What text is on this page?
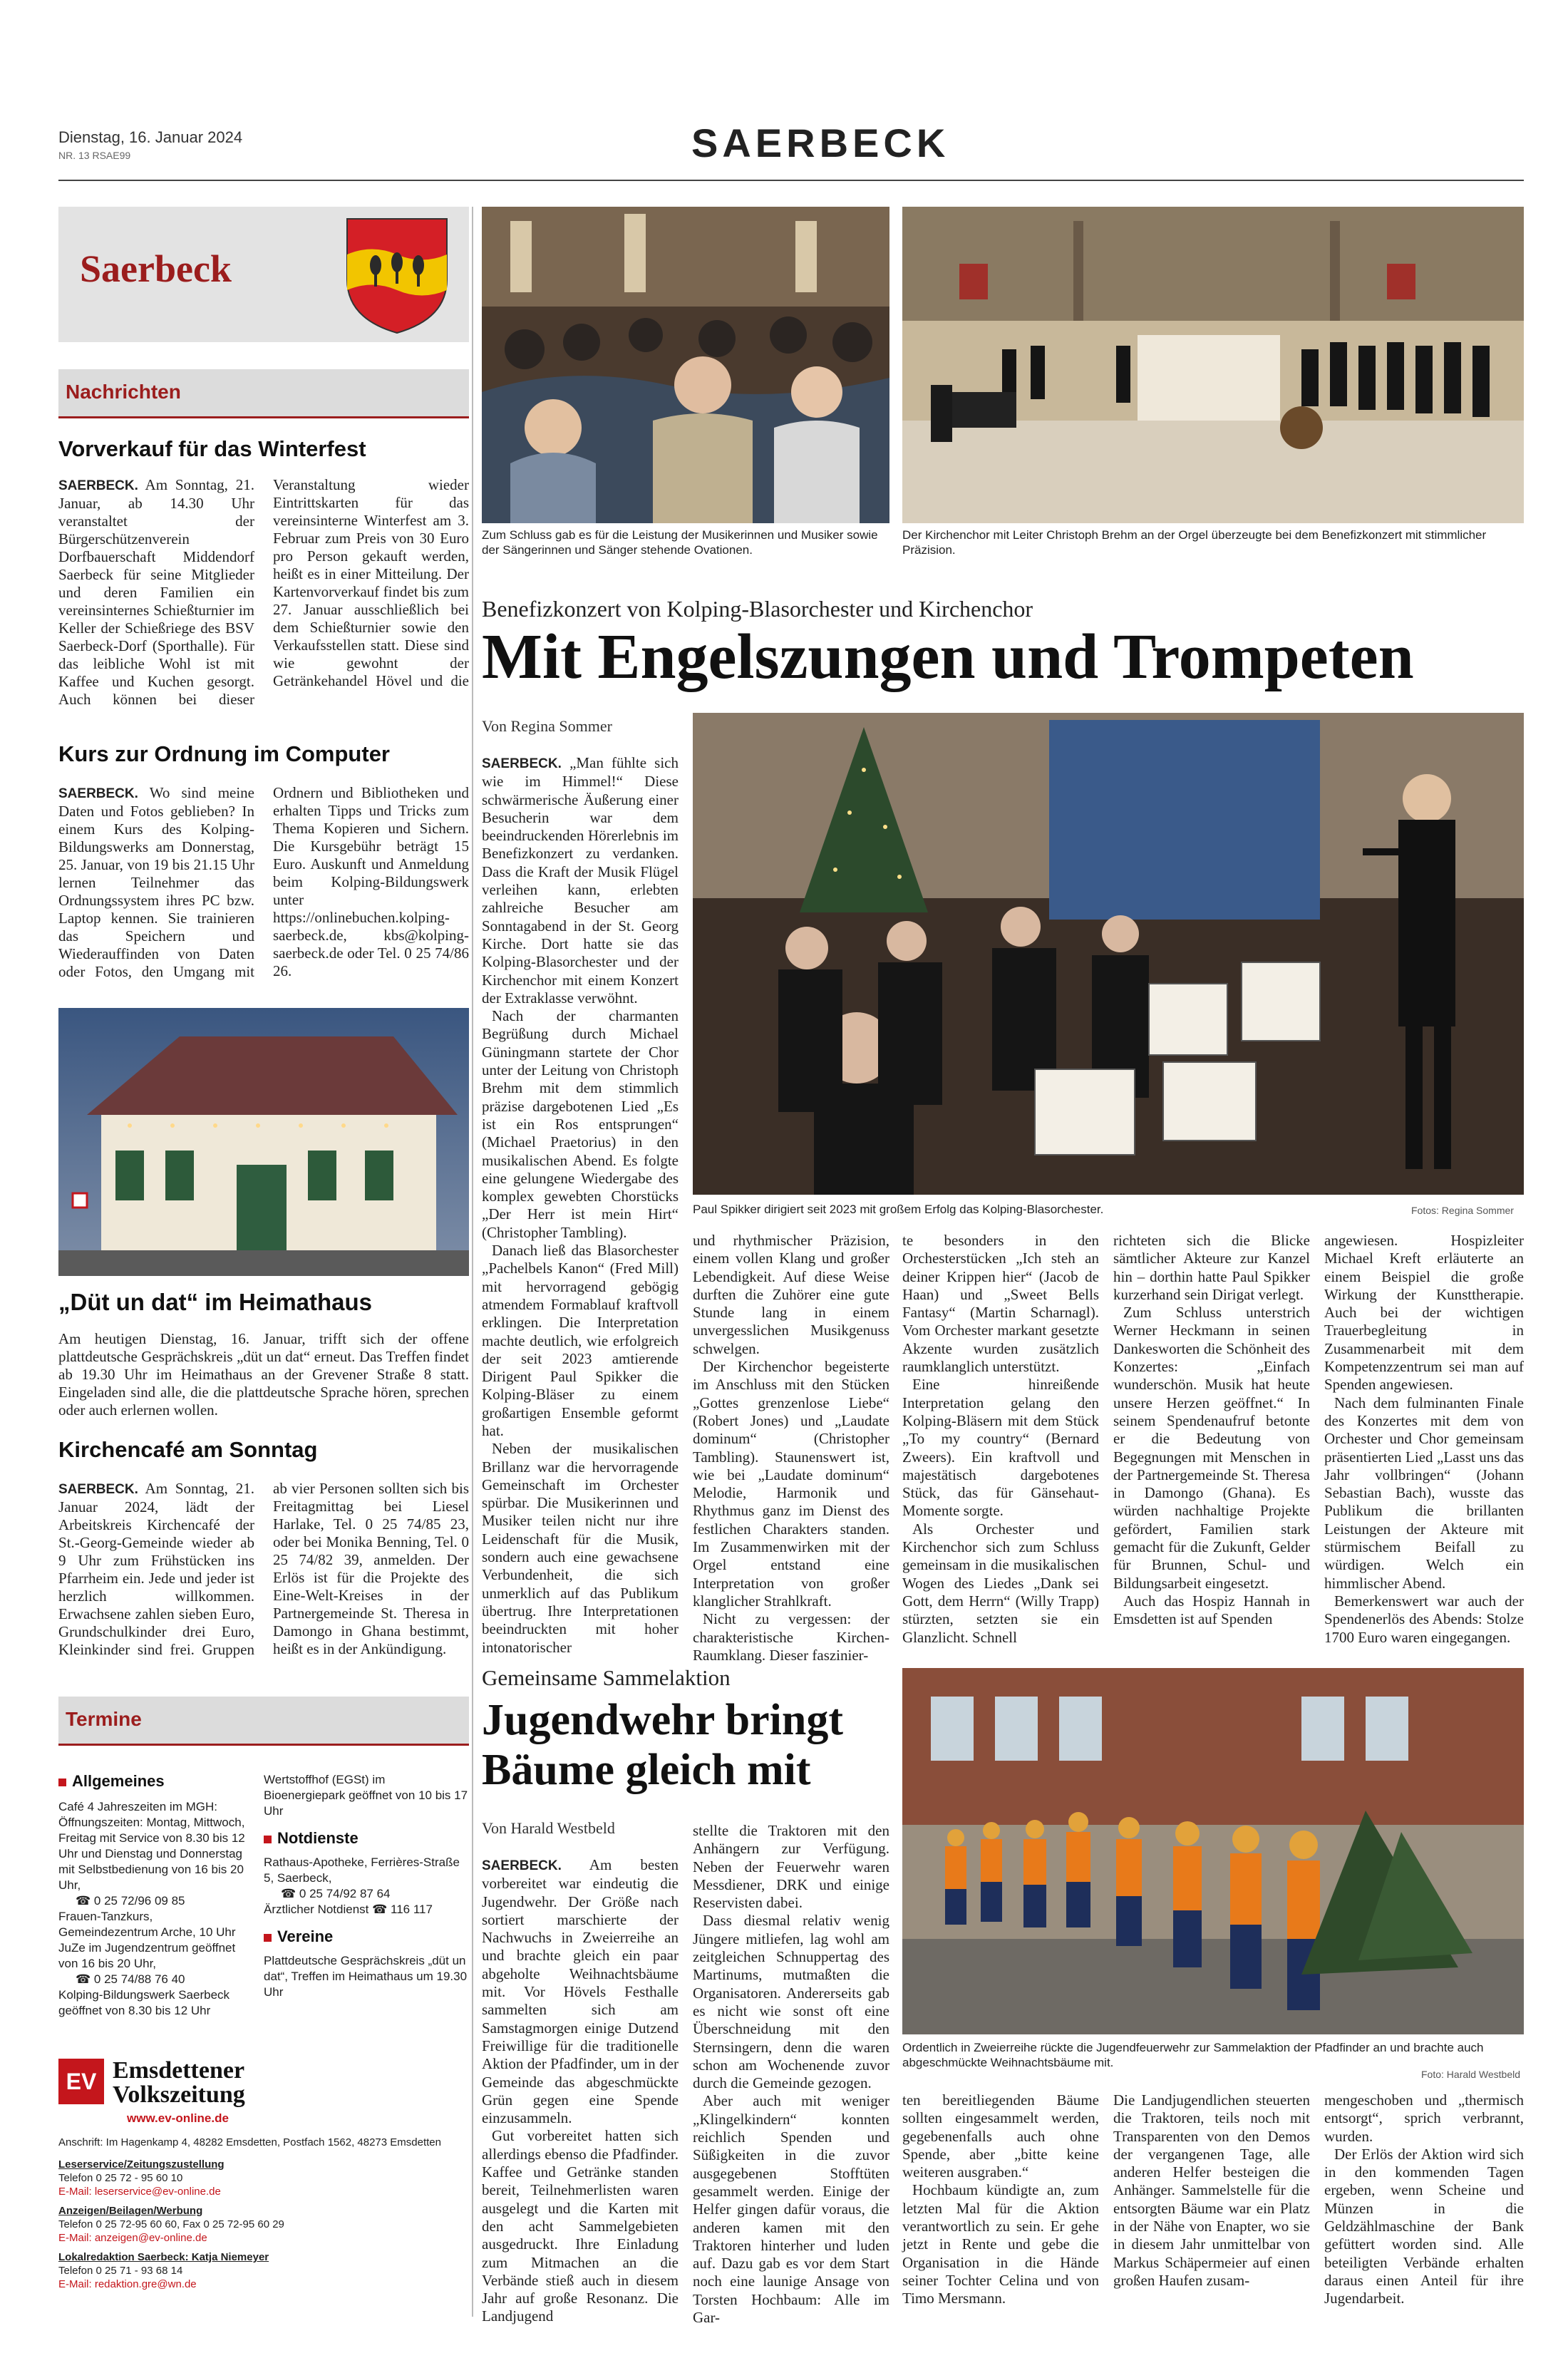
Dienstag, 16. Januar 2024
NR. 13 RSAE99	SAERBECK
Saerbeck
Nachrichten
Vorverkauf für das Winterfest
SAERBECK. Am Sonntag, 21. Januar, ab 14.30 Uhr veranstaltet der Bürgerschützenverein Dorfbauerschaft Middendorf Saerbeck für seine Mitglieder und deren Familien ein vereinsinternes Schießturnier im Keller der Schießriege des BSV Saerbeck-Dorf (Sporthalle). Für das leibliche Wohl ist mit Kaffee und Kuchen gesorgt. Auch können bei dieser Veranstaltung wieder Eintrittskarten für das vereinsinterne Winterfest am 3. Februar zum Preis von 30 Euro pro Person gekauft werden, heißt es in einer Mitteilung. Der Kartenvorverkauf findet bis zum 27. Januar ausschließlich bei dem Schießturnier sowie den Verkaufsstellen statt. Diese sind wie gewohnt der Getränkehandel Hövel und die
Kurs zur Ordnung im Computer
SAERBECK. Wo sind meine Daten und Fotos geblieben? In einem Kurs des Kolping-Bildungswerks am Donnerstag, 25. Januar, von 19 bis 21.15 Uhr lernen Teilnehmer das Ordnungssystem ihres PC bzw. Laptop kennen. Sie trainieren das Speichern und Wiederauffinden von Daten oder Fotos, den Umgang mit Ordnern und Bibliotheken und erhalten Tipps und Tricks zum Thema Kopieren und Sichern. Die Kursgebühr beträgt 15 Euro. Auskunft und Anmeldung beim Kolping-Bildungswerk unter https://onlinebuchen.kolping-saerbeck.de, kbs@kolping-saerbeck.de oder Tel. 0 25 74/86 26.
„Düt un dat“ im Heimathaus
Am heutigen Dienstag, 16. Januar, trifft sich der offene plattdeutsche Gesprächskreis „düt un dat“ erneut. Das Treffen findet ab 19.30 Uhr im Heimathaus an der Grevener Straße 8 statt. Eingeladen sind alle, die die plattdeutsche Sprache hören, sprechen oder auch erlernen wollen.
Kirchencafé am Sonntag
SAERBECK. Am Sonntag, 21. Januar 2024, lädt der Arbeitskreis Kirchencafé der St.-Georg-Gemeinde wieder ab 9 Uhr zum Frühstücken ins Pfarrheim ein. Jede und jeder ist herzlich willkommen. Erwachsene zahlen sieben Euro, Grundschulkinder drei Euro, Kleinkinder sind frei. Gruppen ab vier Personen sollten sich bis Freitagmittag bei Liesel Harlake, Tel. 0 25 74/85 23, oder bei Monika Benning, Tel. 0 25 74/82 39, anmelden. Der Erlös ist für die Projekte des Eine-Welt-Kreises in der Partnergemeinde St. Theresa in Damongo in Ghana bestimmt, heißt es in der Ankündigung.
Termine
Allgemeines
Café 4 Jahreszeiten im MGH: Öffnungszeiten: Montag, Mittwoch, Freitag mit Service von 8.30 bis 12 Uhr und Dienstag und Donnerstag mit Selbstbedienung von 16 bis 20 Uhr,
☎ 0 25 72/96 09 85
Frauen-Tanzkurs, Gemeindezentrum Arche, 10 Uhr
JuZe im Jugendzentrum geöffnet von 16 bis 20 Uhr,
☎ 0 25 74/88 76 40
Kolping-Bildungswerk Saerbeck geöffnet von 8.30 bis 12 Uhr
Wertstoffhof (EGSt) im Bioenergiepark geöffnet von 10 bis 17 Uhr
Notdienste
Rathaus-Apotheke, Ferrières-Straße 5, Saerbeck,
☎ 0 25 74/92 87 64
Ärztlicher Notdienst ☎ 116 117
Vereine
Plattdeutsche Gesprächskreis „düt un dat“, Treffen im Heimathaus um 19.30 Uhr
EV Emsdettener
Volkszeitung
www.ev-online.de
Anschrift: Im Hagenkamp 4, 48282 Emsdetten, Postfach 1562, 48273 Emsdetten
Leserservice/Zeitungszustellung
Telefon 0 25 72 - 95 60 10
E-Mail: leserservice@ev-online.de
Anzeigen/Beilagen/Werbung
Telefon 0 25 72-95 60 60, Fax 0 25 72-95 60 29
E-Mail: anzeigen@ev-online.de
Lokalredaktion Saerbeck: Katja Niemeyer
Telefon 0 25 71 - 93 68 14
E-Mail: redaktion.gre@wn.de
Zum Schluss gab es für die Leistung der Musikerinnen und Musiker sowie der Sängerinnen und Sänger stehende Ovationen.
Der Kirchenchor mit Leiter Christoph Brehm an der Orgel überzeugte bei dem Benefizkonzert mit stimmlicher Präzision.
Benefizkonzert von Kolping-Blasorchester und Kirchenchor
Mit Engelszungen und Trompeten
Von Regina Sommer
Paul Spikker dirigiert seit 2023 mit großem Erfolg das Kolping-Blasorchester.	Fotos: Regina Sommer

SAERBECK. „Man fühlte sich wie im Himmel!“ Diese schwärmerische Äußerung einer Besucherin war dem beeindruckenden Hörerlebnis im Benefizkonzert zu verdanken. Dass die Kraft der Musik Flügel verleihen kann, erlebten zahlreiche Besucher am Sonntagabend in der St. Georg Kirche. Dort hatte sie das Kolping-Blasorchester und der Kirchenchor mit einem Konzert der Extraklasse verwöhnt.

Nach der charmanten Begrüßung durch Michael Güningmann startete der Chor unter der Leitung von Christoph Brehm mit dem stimmlich präzise dargebotenen Lied „Es ist ein Ros entsprungen“ (Michael Praetorius) in den musikalischen Abend. Es folgte eine gelungene Wiedergabe des komplex gewebten Chorstücks „Der Herr ist mein Hirt“ (Christopher Tambling).

Danach ließ das Blasorchester „Pachelbels Kanon“ (Fred Mill) mit hervorragend gebögig atmendem Formablauf kraftvoll erklingen. Die Interpretation machte deutlich, wie erfolgreich der seit 2023 amtierende Dirigent Paul Spikker die Kolping-Bläser zu einem großartigen Ensemble geformt hat.

Neben der musikalischen Brillanz war die hervorragende Gemeinschaft im Orchester spürbar. Die Musikerinnen und Musiker teilen nicht nur ihre Leidenschaft für die Musik, sondern auch eine gewachsene Verbundenheit, die sich unmerklich auf das Publikum übertrug. Ihre Interpretationen beeindruckten mit hoher intonatorischer

und rhythmischer Präzision, einem vollen Klang und großer Lebendigkeit. Auf diese Weise durften die Zuhörer eine gute Stunde lang in einem unvergesslichen Musikgenuss schwelgen.

Der Kirchenchor begeisterte im Anschluss mit den Stücken „Gottes grenzenlose Liebe“ (Robert Jones) und „Laudate dominum“ (Christopher Tambling). Staunenswert ist, wie bei „Laudate dominum“ Melodie, Harmonik und Rhythmus ganz im Dienst des festlichen Charakters standen. Im Zusammenwirken mit der Orgel entstand eine Interpretation von großer klanglicher Strahlkraft.

Nicht zu vergessen: der charakteristische Kirchen-Raumklang. Dieser faszinier-

te besonders in den Orchesterstücken „Ich steh an deiner Krippen hier“ (Jacob de Haan) und „Sweet Bells Fantasy“ (Martin Scharnagl). Vom Orchester markant gesetzte Akzente wurden zusätzlich raumklanglich unterstützt.

Eine hinreißende Interpretation gelang den Kolping-Bläsern mit dem Stück „To my country“ (Bernard Zweers). Ein kraftvoll und majestätisch dargebotenes Stück, das für Gänsehaut-Momente sorgte.

Als Orchester und Kirchenchor sich zum Schluss gemeinsam in die musikalischen Wogen des Liedes „Dank sei Gott, dem Herrn“ (Willy Trapp) stürzten, setzten sie ein Glanzlicht. Schnell

richteten sich die Blicke sämtlicher Akteure zur Kanzel hin – dorthin hatte Paul Spikker kurzerhand sein Dirigat verlegt.

Zum Schluss unterstrich Werner Heckmann in seinen Dankesworten die Schönheit des Konzertes: „Einfach wunderschön. Musik hat heute unsere Herzen geöffnet.“ In seinem Spendenaufruf betonte er die Bedeutung von Begegnungen mit Menschen in der Partnergemeinde St. Theresa in Damongo (Ghana). Es würden nachhaltige Projekte gefördert, Familien stark gemacht für die Zukunft, Gelder für Brunnen, Schul- und Bildungsarbeit eingesetzt.

Auch das Hospiz Hannah in Emsdetten ist auf Spenden

angewiesen. Hospizleiter Michael Kreft erläuterte an einem Beispiel die große Wirkung der Kunsttherapie. Auch bei der wichtigen Trauerbegleitung in Zusammenarbeit mit dem Kompetenzzentrum sei man auf Spenden angewiesen.

Nach dem fulminanten Finale des Konzertes mit dem von Orchester und Chor gemeinsam präsentierten Lied „Lasst uns das Jahr vollbringen“ (Johann Sebastian Bach), wusste das Publikum die brillanten Leistungen der Akteure mit stürmischem Beifall zu würdigen. Welch ein himmlischer Abend.

Bemerkenswert war auch der Spendenerlös des Abends: Stolze 1700 Euro waren eingegangen.

Gemeinsame Sammelaktion
Jugendwehr bringt
Bäume gleich mit
Von Harald Westbeld
Ordentlich in Zweierreihe rückte die Jugendfeuerwehr zur Sammelaktion der Pfadfinder an und brachte auch abgeschmückte Weihnachtsbäume mit.
Foto: Harald Westbeld

SAERBECK. Am besten vorbereitet war eindeutig die Jugendwehr. Der Größe nach sortiert marschierte der Nachwuchs in Zweierreihe an und brachte gleich ein paar abgeholte Weihnachtsbäume mit. Vor Hövels Festhalle sammelten sich am Samstagmorgen einige Dutzend Freiwillige für die traditionelle Aktion der Pfadfinder, um in der Gemeinde das abgeschmückte Grün gegen eine Spende einzusammeln.

Gut vorbereitet hatten sich allerdings ebenso die Pfadfinder. Kaffee und Getränke standen bereit, Teilnehmerlisten waren ausgelegt und die Karten mit den acht Sammelgebieten ausgedruckt. Ihre Einladung zum Mitmachen an die Verbände stieß auch in diesem Jahr auf große Resonanz. Die Landjugend

stellte die Traktoren mit den Anhängern zur Verfügung. Neben der Feuerwehr waren Messdiener, DRK und einige Reservisten dabei.

Dass diesmal relativ wenig Jüngere mitliefen, lag wohl am zeitgleichen Schnuppertag des Martinums, mutmaßten die Organisatoren. Andererseits gab es nicht wie sonst oft eine Überschneidung mit den Sternsingern, denn die waren schon am Wochenende zuvor durch die Gemeinde gezogen.

Aber auch mit weniger „Klingelkindern“ konnten reichlich Spenden und Süßigkeiten in die zuvor ausgegebenen Stofftüten gesammelt werden. Einige der Helfer gingen dafür voraus, die anderen kamen mit den Traktoren hinterher und luden auf. Dazu gab es vor dem Start noch eine launige Ansage von Torsten Hochbaum: Alle im Gar-

ten bereitliegenden Bäume sollten eingesammelt werden, gegebenenfalls auch ohne Spende, aber „bitte keine weiteren ausgraben.“

Hochbaum kündigte an, zum letzten Mal für die Aktion verantwortlich zu sein. Er gehe jetzt in Rente und gebe die Organisation in die Hände seiner Tochter Celina und von Timo Mersmann.

Die Landjugendlichen steuerten die Traktoren, teils noch mit Transparenten von den Demos der vergangenen Tage, alle anderen Helfer besteigen die Anhänger. Sammelstelle für die entsorgten Bäume war ein Platz in der Nähe von Enapter, wo sie in diesem Jahr unmittelbar von Markus Schäpermeier auf einen großen Haufen zusam-

mengeschoben und „thermisch entsorgt“, sprich verbrannt, wurden.

Der Erlös der Aktion wird sich in den kommenden Tagen ergeben, wenn Scheine und Münzen in die Geldzählmaschine der Bank gefüttert worden sind. Alle beteiligten Verbände erhalten daraus einen Anteil für ihre Jugendarbeit.
